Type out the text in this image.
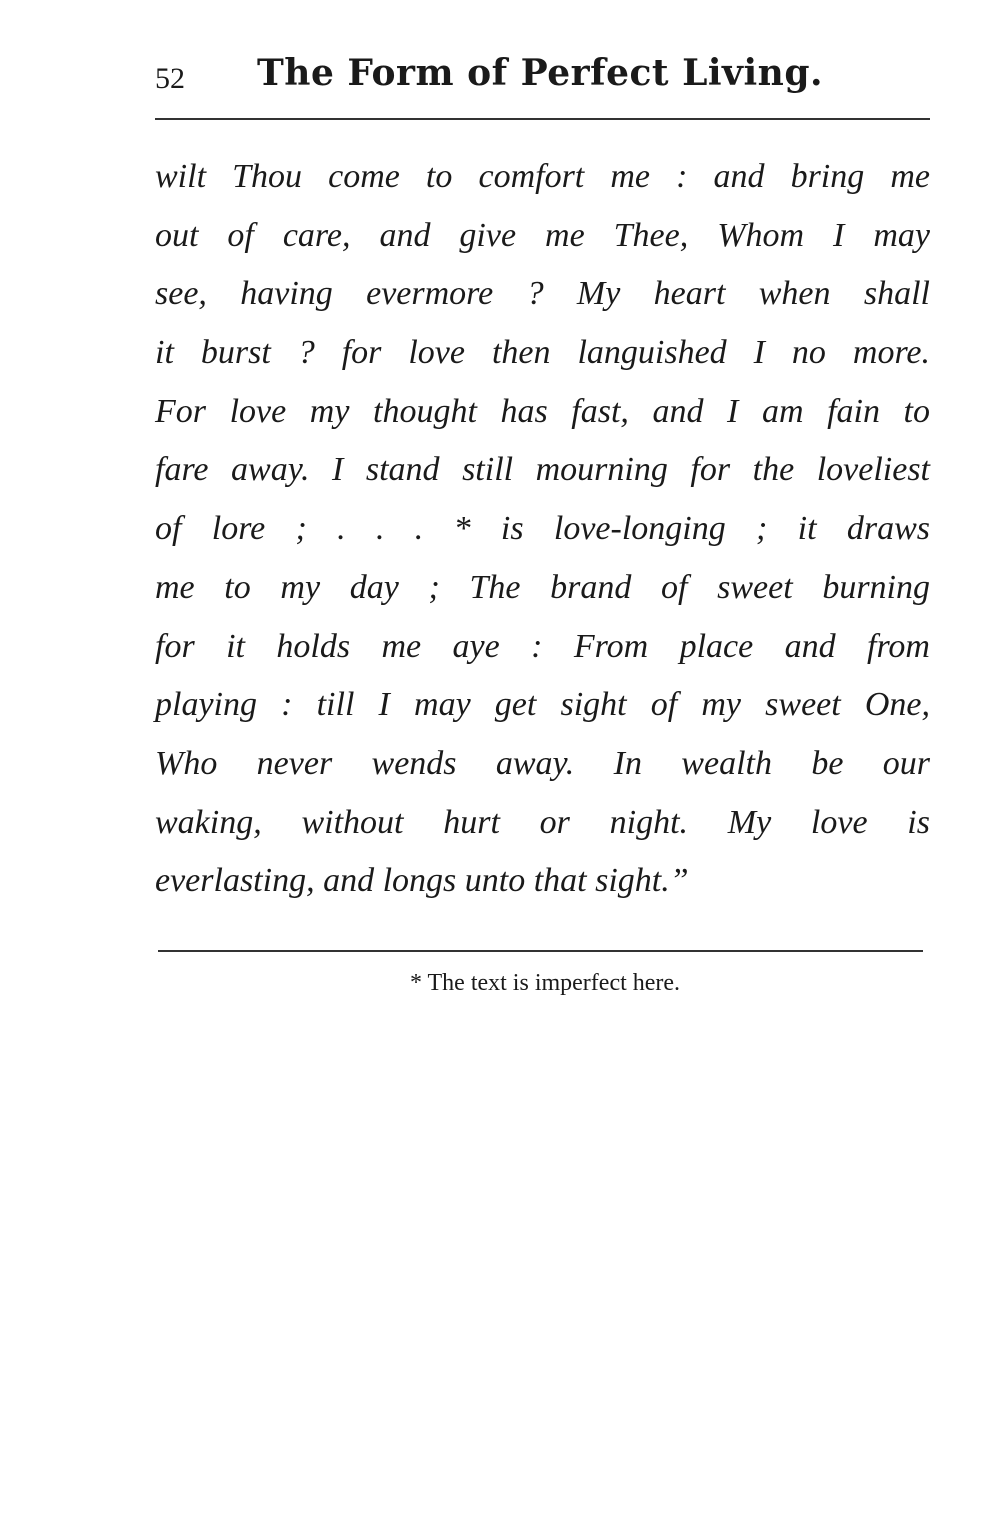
52 The Form of Perfect Living.
wilt Thou come to comfort me : and bring me
out of care, and give me Thee, Whom I may
see, having evermore ? My heart when shall
it burst ? for love then languished I no more.
For love my thought has fast, and I am fain to
fare away. I stand still mourning for the loveliest
of lore ; . . . * is love-longing ; it draws
me to my day ; The brand of sweet burning
for it holds me aye : From place and from
playing : till I may get sight of my sweet One,
Who never wends away. In wealth be our
waking, without hurt or night. My love is
everlasting, and longs unto that sight.”
* The text is imperfect here.
